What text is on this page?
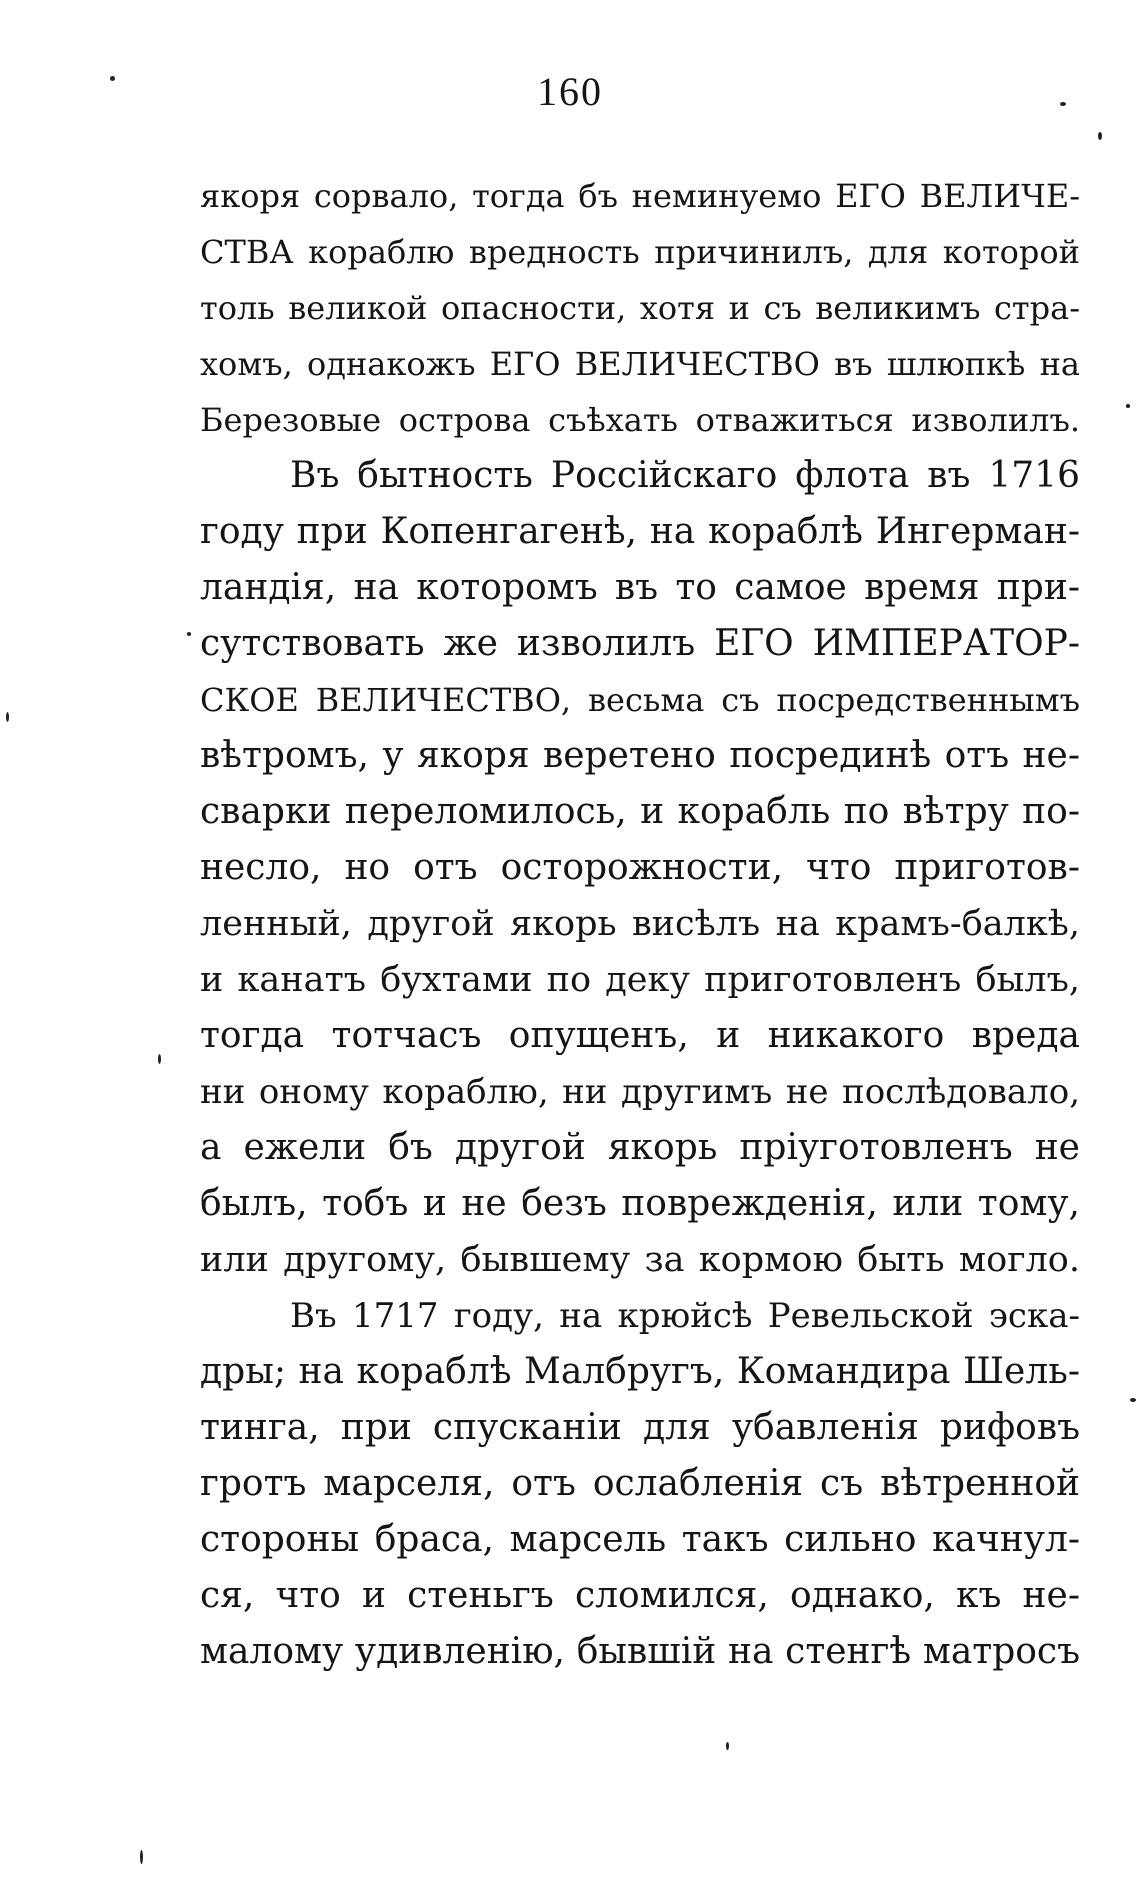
160
якоря сорвало, тогда бъ неминуемо ЕГО ВЕЛИЧЕ-
СТВА кораблю вредность причинилъ, для которой
толь великой опасности, хотя и съ великимъ стра-
хомъ, однакожъ ЕГО ВЕЛИЧЕСТВО въ шлюпкѣ на
Березовые острова съѣхать отважиться изволилъ.
Въ бытность Россійскаго флота въ 1716
году при Копенгагенѣ, на кораблѣ Ингерман-
ландія, на которомъ въ то самое время при-
сутствовать же изволилъ ЕГО ИМПЕРАТОР-
СКОЕ ВЕЛИЧЕСТВО, весьма съ посредственнымъ
вѣтромъ, у якоря веретено посрединѣ отъ не-
сварки переломилось, и корабль по вѣтру по-
несло, но отъ осторожности, что приготов-
ленный, другой якорь висѣлъ на крамъ-балкѣ,
и канатъ бухтами по деку приготовленъ былъ,
тогда тотчасъ опущенъ, и никакого вреда
ни оному кораблю, ни другимъ не послѣдовало,
а ежели бъ другой якорь пріуготовленъ не
былъ, тобъ и не безъ поврежденія, или тому,
или другому, бывшему за кормою быть могло.
Въ 1717 году, на крюйсѣ Ревельской эска-
дры; на кораблѣ Малбругъ, Командира Шель-
тинга, при спусканіи для убавленія рифовъ
гротъ марселя, отъ ослабленія съ вѣтренной
стороны браса, марсель такъ сильно качнул-
ся, что и стеньгъ сломился, однако, къ не-
малому удивленію, бывшій на стенгѣ матросъ
